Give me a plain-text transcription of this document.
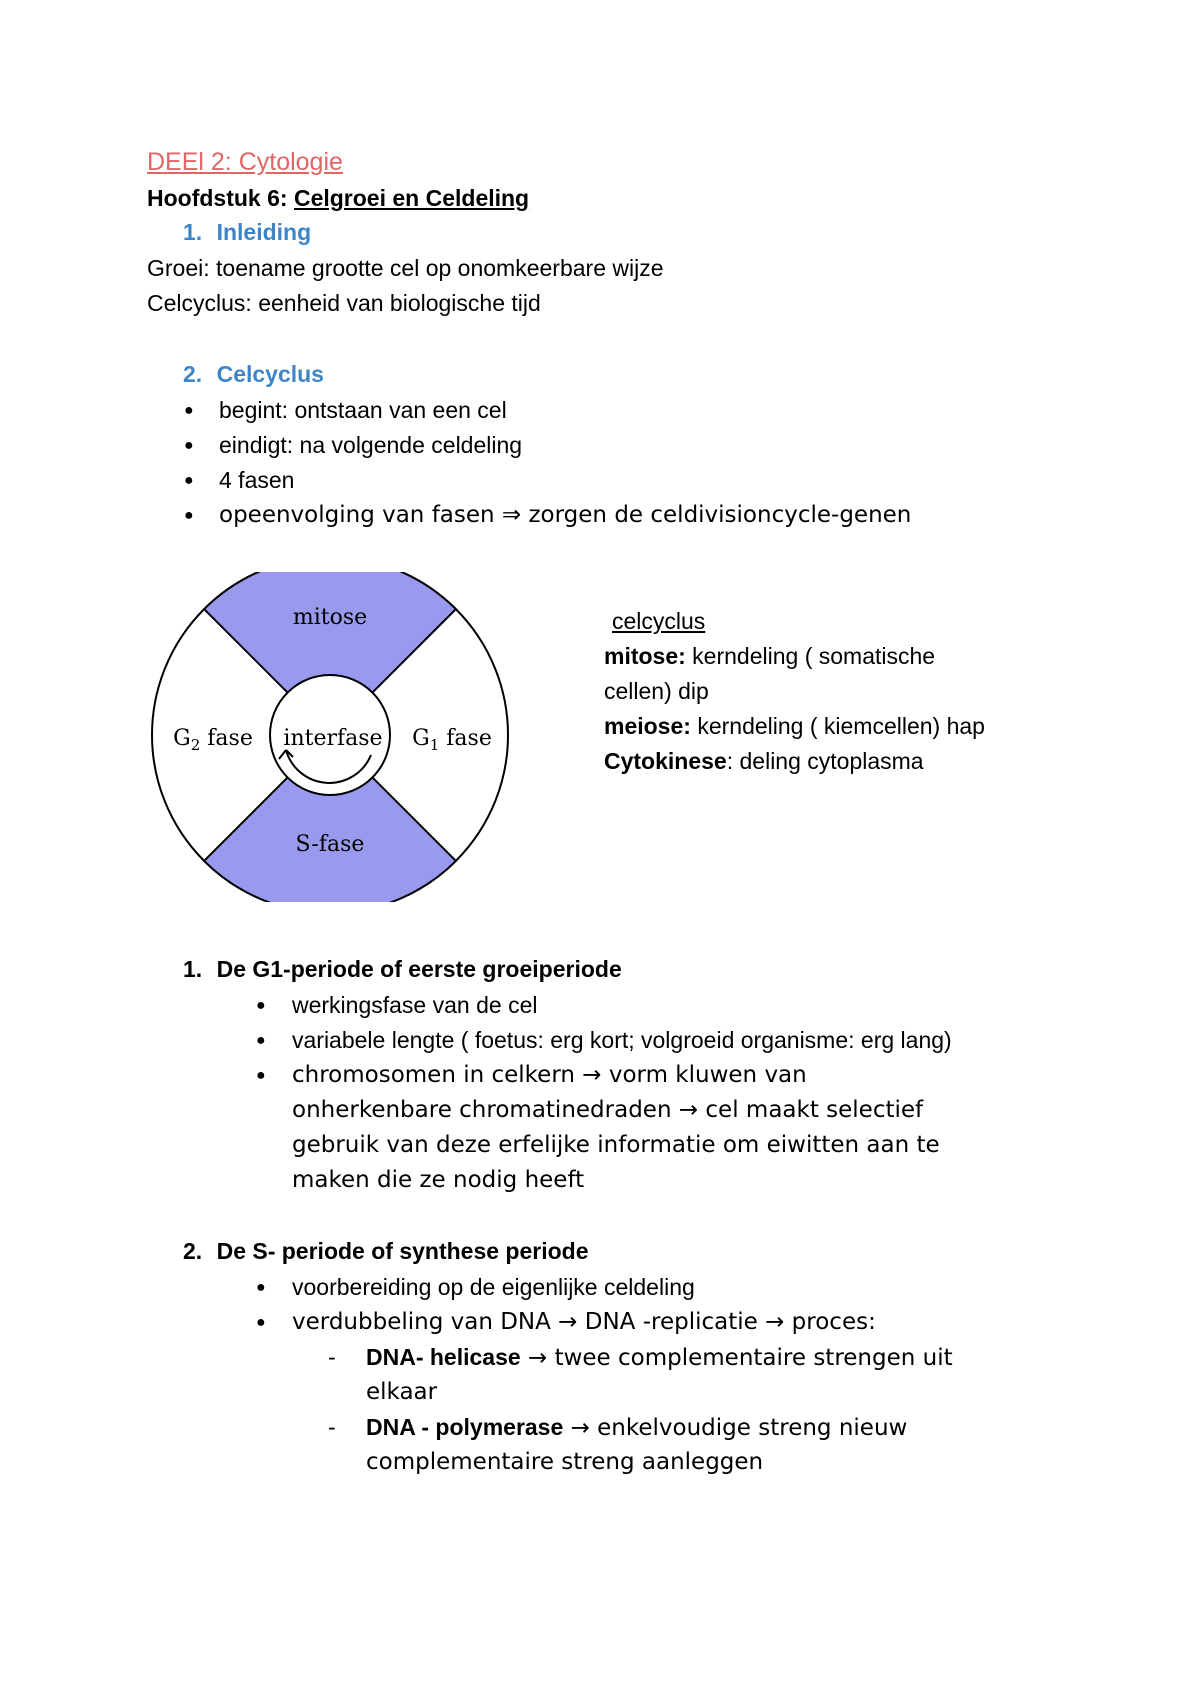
DEEl 2: Cytologie
Hoofdstuk 6: Celgroei en Celdeling
1. Inleiding
Groei: toename grootte cel op onomkeerbare wijze
Celcyclus: eenheid van biologische tijd
2. Celcyclus
● begint: ontstaan van een cel
● eindigt: na volgende celdeling
● 4 fasen
● opeenvolging van fasen ⇒ zorgen de celdivisioncycle-genen
mitose
$G_2$ fase	$G_1$ fase
interfase
S-fase
celcyclus
mitose: kerndeling ( somatische
cellen) dip
meiose: kerndeling ( kiemcellen) hap
Cytokinese: deling cytoplasma
1. De G1-periode of eerste groeiperiode
● werkingsfase van de cel
● variabele lengte ( foetus: erg kort; volgroeid organisme: erg lang)
● chromosomen in celkern → vorm kluwen van
onherkenbare chromatinedraden → cel maakt selectief
gebruik van deze erfelijke informatie om eiwitten aan te
maken die ze nodig heeft
2. De S- periode of synthese periode
● voorbereiding op de eigenlijke celdeling
● verdubbeling van DNA → DNA -replicatie → proces:
- DNA- helicase → twee complementaire strengen uit
elkaar
- DNA - polymerase → enkelvoudige streng nieuw
complementaire streng aanleggen
